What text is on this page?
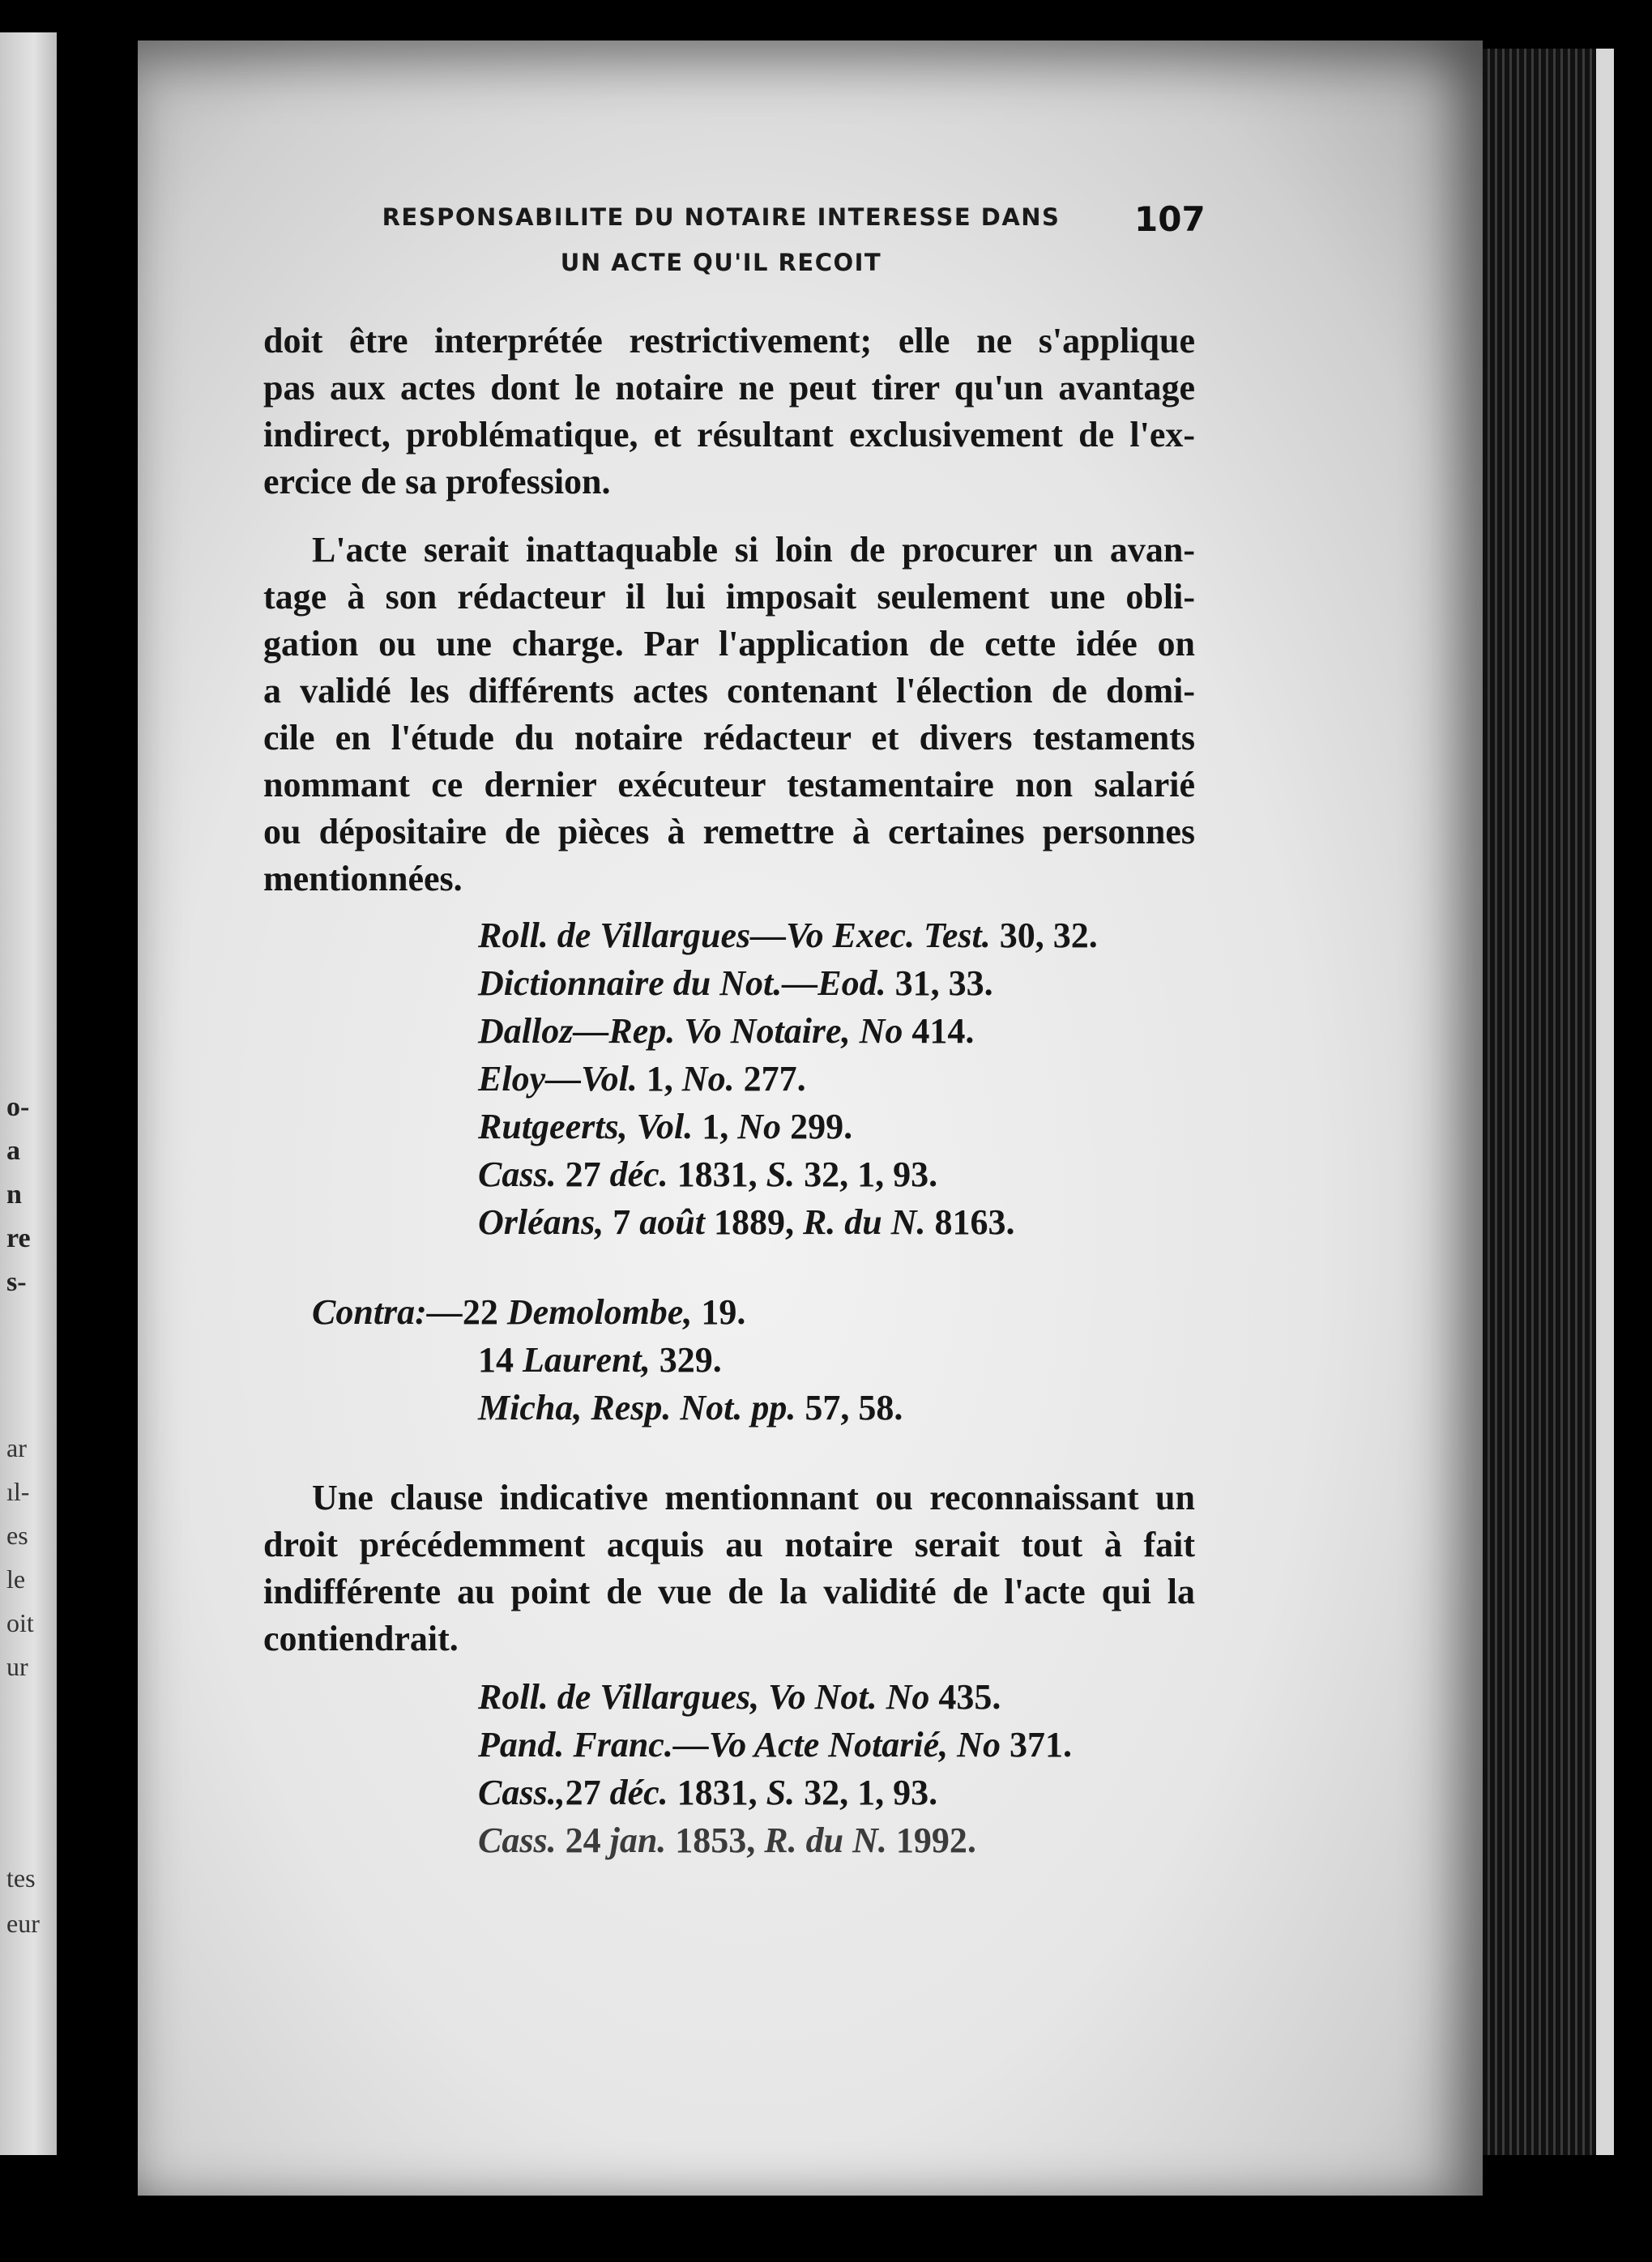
o-
a
n
re
s-
ar
ıl-
es
le
oit
ur
tes
eur
RESPONSABILITE DU NOTAIRE INTERESSE DANS
UN ACTE QU'IL RECOIT
107
doit être interprétée restrictivement; elle ne s'applique
pas aux actes dont le notaire ne peut tirer qu'un avantage
indirect, problématique, et résultant exclusivement de l'ex-
ercice de sa profession.
L'acte serait inattaquable si loin de procurer un avan-
tage à son rédacteur il lui imposait seulement une obli-
gation ou une charge. Par l'application de cette idée on
a validé les différents actes contenant l'élection de domi-
cile en l'étude du notaire rédacteur et divers testaments
nommant ce dernier exécuteur testamentaire non salarié
ou dépositaire de pièces à remettre à certaines personnes
mentionnées.
Roll. de Villargues—Vo Exec. Test. 30, 32.
Dictionnaire du Not.—Eod. 31, 33.
Dalloz—Rep. Vo Notaire, No 414.
Eloy—Vol. 1, No. 277.
Rutgeerts, Vol. 1, No 299.
Cass. 27 déc. 1831, S. 32, 1, 93.
Orléans, 7 août 1889, R. du N. 8163.
Contra:—22 Demolombe, 19.
14 Laurent, 329.
Micha, Resp. Not. pp. 57, 58.
Une clause indicative mentionnant ou reconnaissant un
droit précédemment acquis au notaire serait tout à fait
indifférente au point de vue de la validité de l'acte qui la
contiendrait.
Roll. de Villargues, Vo Not. No 435.
Pand. Franc.—Vo Acte Notarié, No 371.
Cass.,27 déc. 1831, S. 32, 1, 93.
Cass. 24 jan. 1853, R. du N. 1992.
